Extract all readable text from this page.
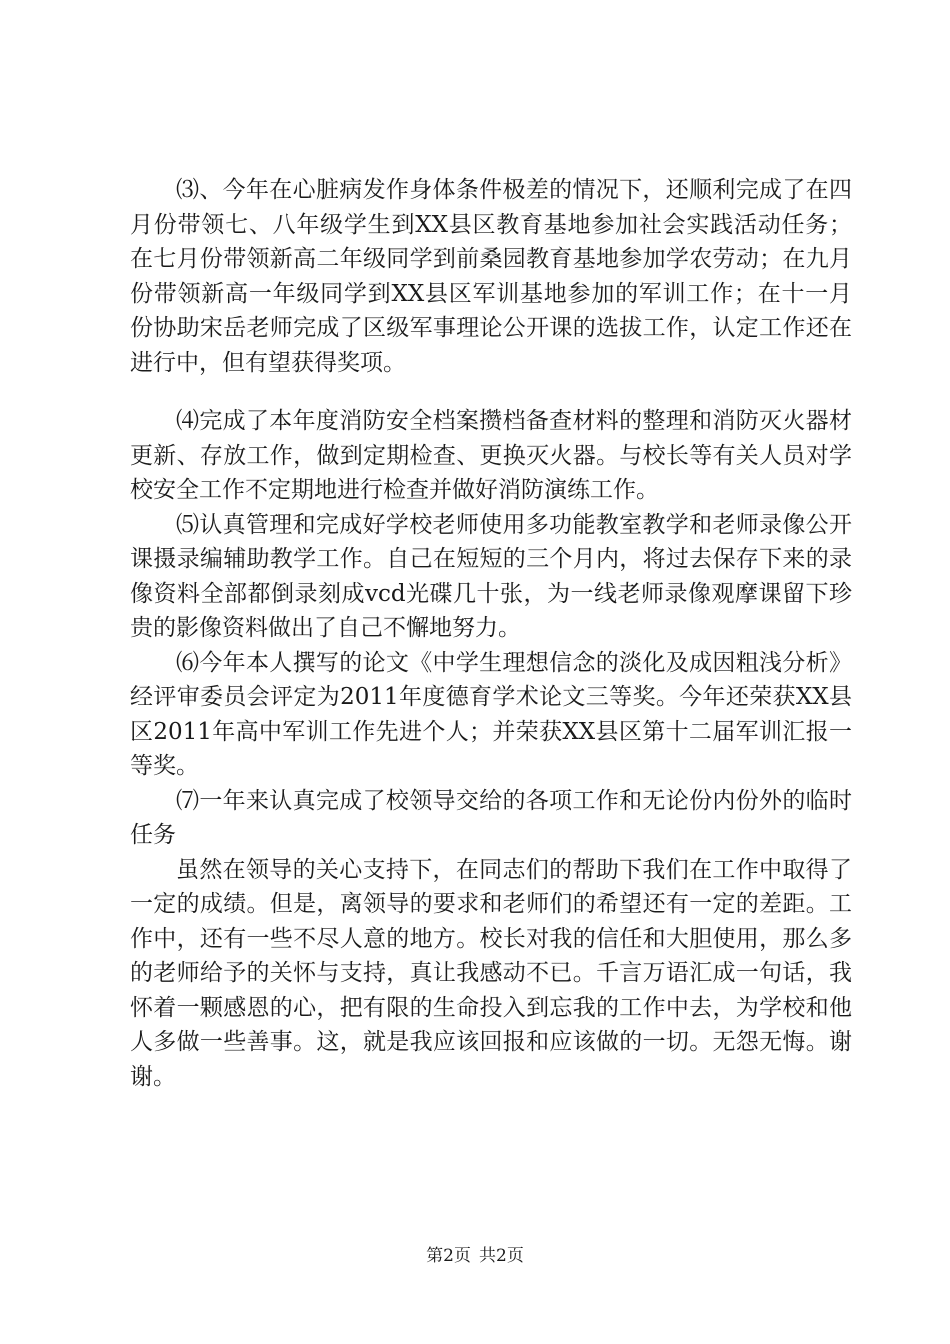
⑶、今年在心脏病发作身体条件极差的情况下，还顺利完成了在四月份带领七、八年级学生到XX县区教育基地参加社会实践活动任务；在七月份带领新高二年级同学到前桑园教育基地参加学农劳动；在九月份带领新高一年级同学到XX县区军训基地参加的军训工作；在十一月份协助宋岳老师完成了区级军事理论公开课的选拔工作，认定工作还在进行中，但有望获得奖项。

⑷完成了本年度消防安全档案攒档备查材料的整理和消防灭火器材更新、存放工作，做到定期检查、更换灭火器。与校长等有关人员对学校安全工作不定期地进行检查并做好消防演练工作。

⑸认真管理和完成好学校老师使用多功能教室教学和老师录像公开课摄录编辅助教学工作。自己在短短的三个月内，将过去保存下来的录像资料全部都倒录刻成vcd光碟几十张，为一线老师录像观摩课留下珍贵的影像资料做出了自己不懈地努力。

⑹今年本人撰写的论文《中学生理想信念的淡化及成因粗浅分析》经评审委员会评定为2011年度德育学术论文三等奖。今年还荣获XX县区2011年高中军训工作先进个人；并荣获XX县区第十二届军训汇报一等奖。

⑺一年来认真完成了校领导交给的各项工作和无论份内份外的临时任务

虽然在领导的关心支持下，在同志们的帮助下我们在工作中取得了一定的成绩。但是，离领导的要求和老师们的希望还有一定的差距。工作中，还有一些不尽人意的地方。校长对我的信任和大胆使用，那么多的老师给予的关怀与支持，真让我感动不已。千言万语汇成一句话，我怀着一颗感恩的心，把有限的生命投入到忘我的工作中去，为学校和他人多做一些善事。这，就是我应该回报和应该做的一切。无怨无悔。谢谢。

第2页 共2页
